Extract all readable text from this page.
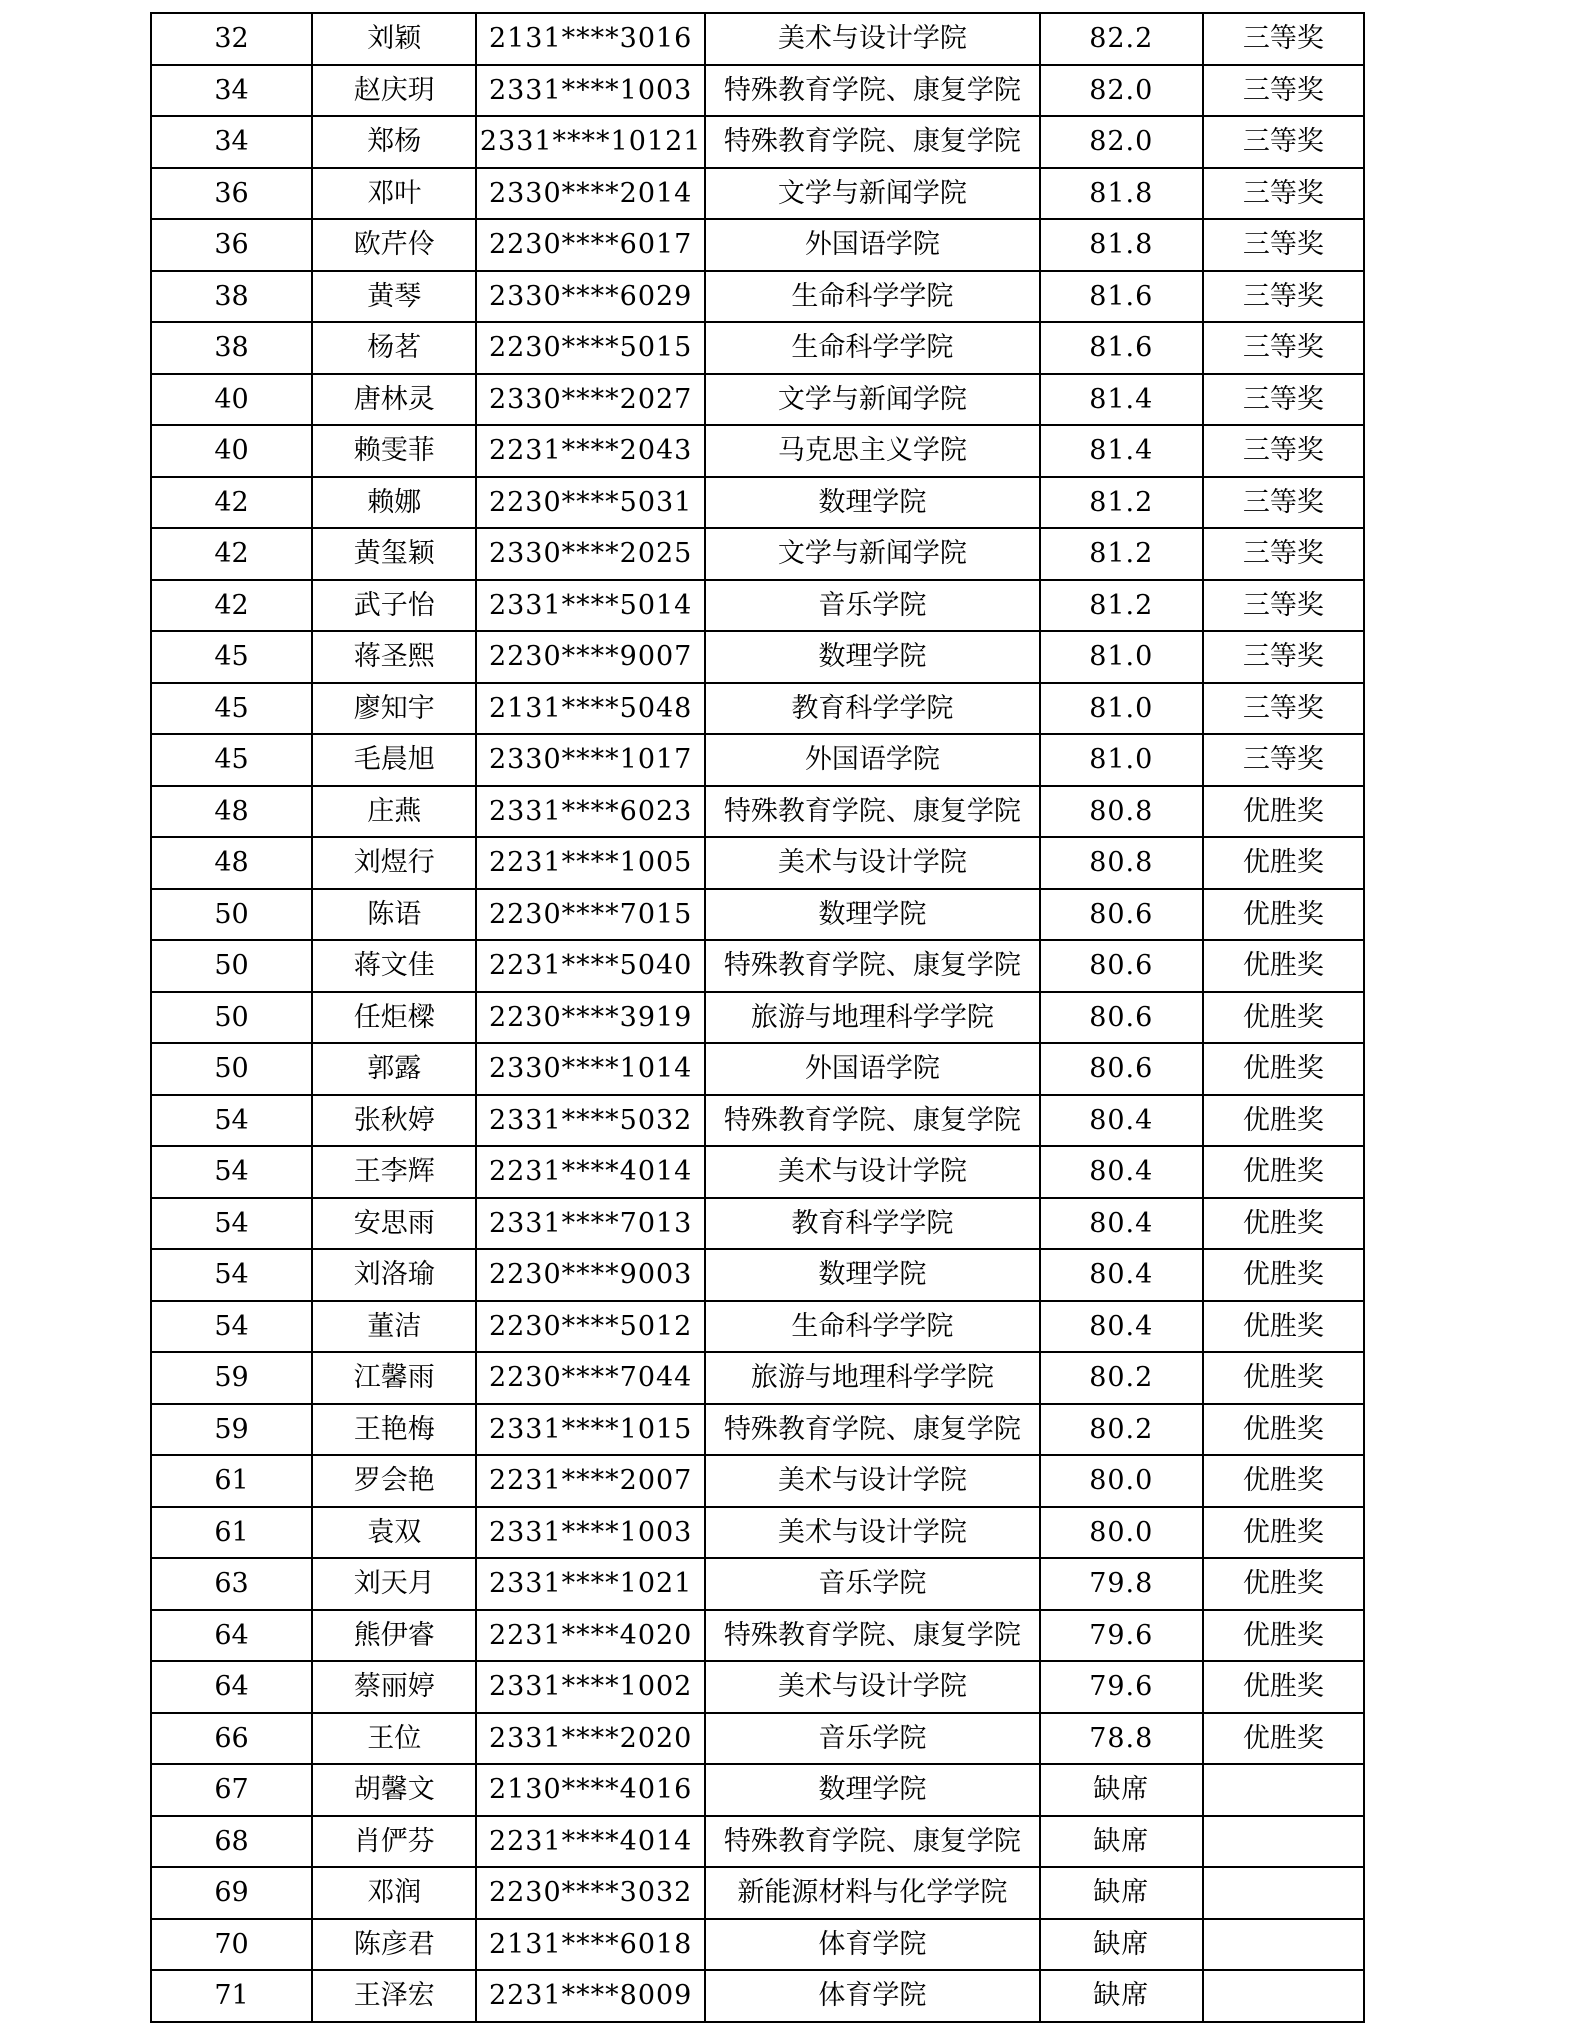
32	刘颖	2131****3016	美术与设计学院	82.2	三等奖
34	赵庆玥	2331****1003	特殊教育学院、康复学院	82.0	三等奖
34	郑杨	2331****10121	特殊教育学院、康复学院	82.0	三等奖
36	邓叶	2330****2014	文学与新闻学院	81.8	三等奖
36	欧芹伶	2230****6017	外国语学院	81.8	三等奖
38	黄琴	2330****6029	生命科学学院	81.6	三等奖
38	杨茗	2230****5015	生命科学学院	81.6	三等奖
40	唐林灵	2330****2027	文学与新闻学院	81.4	三等奖
40	赖雯菲	2231****2043	马克思主义学院	81.4	三等奖
42	赖娜	2230****5031	数理学院	81.2	三等奖
42	黄玺颖	2330****2025	文学与新闻学院	81.2	三等奖
42	武子怡	2331****5014	音乐学院	81.2	三等奖
45	蒋圣熙	2230****9007	数理学院	81.0	三等奖
45	廖知宇	2131****5048	教育科学学院	81.0	三等奖
45	毛晨旭	2330****1017	外国语学院	81.0	三等奖
48	庄燕	2331****6023	特殊教育学院、康复学院	80.8	优胜奖
48	刘煜行	2231****1005	美术与设计学院	80.8	优胜奖
50	陈语	2230****7015	数理学院	80.6	优胜奖
50	蒋文佳	2231****5040	特殊教育学院、康复学院	80.6	优胜奖
50	任炬樑	2230****3919	旅游与地理科学学院	80.6	优胜奖
50	郭露	2330****1014	外国语学院	80.6	优胜奖
54	张秋婷	2331****5032	特殊教育学院、康复学院	80.4	优胜奖
54	王李辉	2231****4014	美术与设计学院	80.4	优胜奖
54	安思雨	2331****7013	教育科学学院	80.4	优胜奖
54	刘洛瑜	2230****9003	数理学院	80.4	优胜奖
54	董洁	2230****5012	生命科学学院	80.4	优胜奖
59	江馨雨	2230****7044	旅游与地理科学学院	80.2	优胜奖
59	王艳梅	2331****1015	特殊教育学院、康复学院	80.2	优胜奖
61	罗会艳	2231****2007	美术与设计学院	80.0	优胜奖
61	袁双	2331****1003	美术与设计学院	80.0	优胜奖
63	刘天月	2331****1021	音乐学院	79.8	优胜奖
64	熊伊睿	2231****4020	特殊教育学院、康复学院	79.6	优胜奖
64	蔡丽婷	2331****1002	美术与设计学院	79.6	优胜奖
66	王位	2331****2020	音乐学院	78.8	优胜奖
67	胡馨文	2130****4016	数理学院	缺席	
68	肖俨芬	2231****4014	特殊教育学院、康复学院	缺席	
69	邓润	2230****3032	新能源材料与化学学院	缺席	
70	陈彦君	2131****6018	体育学院	缺席	
71	王泽宏	2231****8009	体育学院	缺席	
